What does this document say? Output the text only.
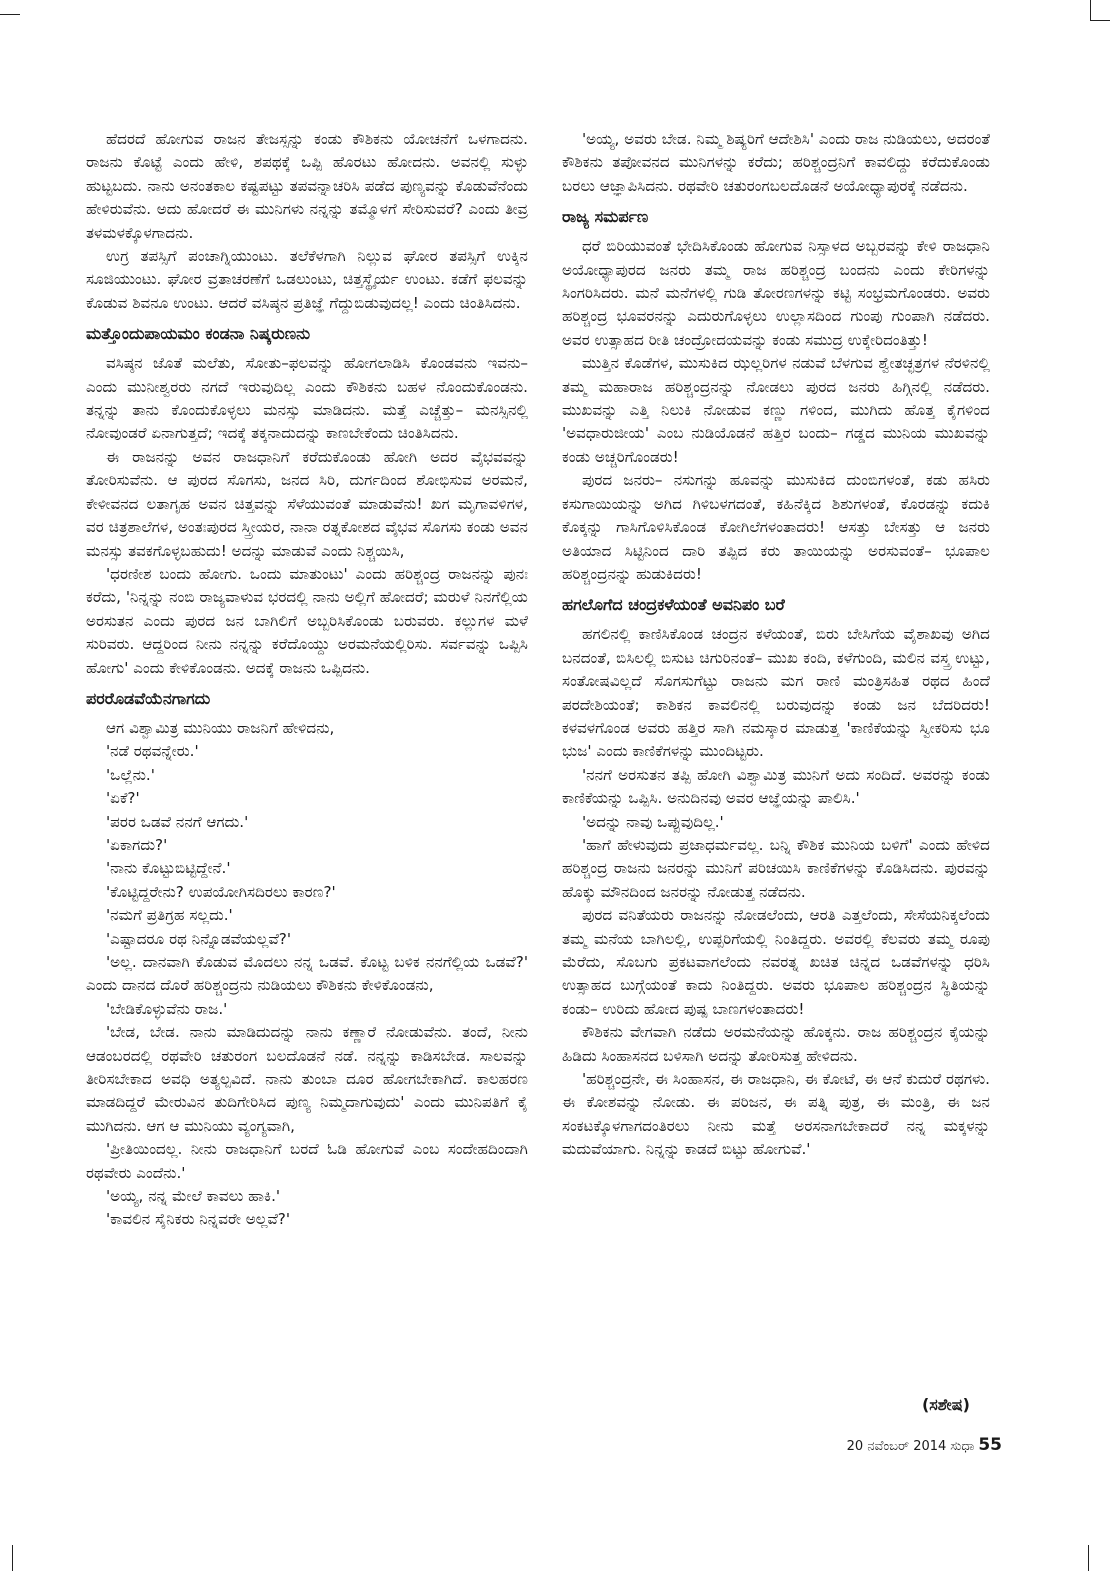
ಹೆದರದೆ ಹೋಗುವ ರಾಜನ ತೇಜಸ್ಸನ್ನು ಕಂಡು ಕೌಶಿಕನು ಯೋಚನೆಗೆ ಒಳಗಾದನು. ರಾಜನು ಕೊಟ್ಟೆ ಎಂದು ಹೇಳಿ, ಶಪಥಕ್ಕೆ ಒಪ್ಪಿ ಹೊರಟು ಹೋದನು. ಅವನಲ್ಲಿ ಸುಳ್ಳು ಹುಟ್ಟಬದು. ನಾನು ಅನಂತಕಾಲ ಕಷ್ಟಪಟ್ಟು ತಪವನ್ನಾಚರಿಸಿ ಪಡೆದ ಪುಣ್ಯವನ್ನು ಕೊಡುವೆನೆಂದು ಹೇಳಿರುವೆನು. ಅದು ಹೋದರೆ ಈ ಮುನಿಗಳು ನನ್ನನ್ನು ತಮ್ಮೊಳಗೆ ಸೇರಿಸುವರೆ? ಎಂದು ತೀವ್ರ ತಳಮಳಕ್ಕೊಳಗಾದನು.

ಉಗ್ರ ತಪಸ್ಸಿಗೆ ಪಂಚಾಗ್ನಿಯುಂಟು. ತಲೆಕೆಳಗಾಗಿ ನಿಲ್ಲುವ ಘೋರ ತಪಸ್ಸಿಗೆ ಉಕ್ಕಿನ ಸೂಜಿಯುಂಟು. ಘೋರ ವ್ರತಾಚರಣೆಗೆ ಒಡಲುಂಟು, ಚಿತ್ತಸ್ಥೈರ್ಯ ಉಂಟು. ಕಡೆಗೆ ಫಲವನ್ನು ಕೊಡುವ ಶಿವನೂ ಉಂಟು. ಆದರೆ ವಸಿಷ್ಠನ ಪ್ರತಿಜ್ಞೆ ಗೆದ್ದುಬಿಡುವುದಲ್ಲ! ಎಂದು ಚಿಂತಿಸಿದನು.

ಮತ್ತೊಂದುಪಾಯಮಂ ಕಂಡನಾ ನಿಷ್ಕರುಣನು

ವಸಿಷ್ಠನ ಜೊತೆ ಮಲೆತು, ಸೋತು–ಫಲವನ್ನು ಹೋಗಲಾಡಿಸಿ ಕೊಂಡವನು ಇವನು– ಎಂದು ಮುನೀಶ್ವರರು ನಗದೆ ಇರುವುದಿಲ್ಲ ಎಂದು ಕೌಶಿಕನು ಬಹಳ ನೊಂದುಕೊಂಡನು. ತನ್ನನ್ನು ತಾನು ಕೊಂದುಕೊಳ್ಳಲು ಮನಸ್ಸು ಮಾಡಿದನು. ಮತ್ತೆ ಎಚ್ಚೆತ್ತು– ಮನಸ್ಸಿನಲ್ಲಿ ನೋವುಂಡರೆ ಏನಾಗುತ್ತದೆ; ಇದಕ್ಕೆ ತಕ್ಕನಾದುದನ್ನು ಕಾಣಬೇಕೆಂದು ಚಿಂತಿಸಿದನು.

ಈ ರಾಜನನ್ನು ಅವನ ರಾಜಧಾನಿಗೆ ಕರೆದುಕೊಂಡು ಹೋಗಿ ಅದರ ವೈಭವವನ್ನು ತೋರಿಸುವೆನು. ಆ ಪುರದ ಸೊಗಸು, ಜನದ ಸಿರಿ, ದುರ್ಗದಿಂದ ಶೋಭಿಸುವ ಅರಮನೆ, ಕೇಳೀವನದ ಲತಾಗೃಹ ಅವನ ಚಿತ್ತವನ್ನು ಸೆಳೆಯುವಂತೆ ಮಾಡುವೆನು! ಖಗ ಮೃಗಾವಳಿಗಳ, ವರ ಚಿತ್ರಶಾಲೆಗಳ, ಅಂತಃಪುರದ ಸ್ತ್ರೀಯರ, ನಾನಾ ರತ್ನಕೋಶದ ವೈಭವ ಸೊಗಸು ಕಂಡು ಅವನ ಮನಸ್ಸು ತವಕಗೊಳ್ಳಬಹುದು! ಅದನ್ನು ಮಾಡುವೆ ಎಂದು ನಿಶ್ಚಯಿಸಿ,

'ಧರಣೀಶ ಬಂದು ಹೋಗು. ಒಂದು ಮಾತುಂಟು' ಎಂದು ಹರಿಶ್ಚಂದ್ರ ರಾಜನನ್ನು ಪುನಃ ಕರೆದು, 'ನಿನ್ನನ್ನು ನಂಬಿ ರಾಜ್ಯವಾಳುವ ಭರದಲ್ಲಿ ನಾನು ಅಲ್ಲಿಗೆ ಹೋದರೆ; ಮರುಳೆ ನಿನಗೆಲ್ಲಿಯ ಅರಸುತನ ಎಂದು ಪುರದ ಜನ ಬಾಗಿಲಿಗೆ ಅಬ್ಬರಿಸಿಕೊಂಡು ಬರುವರು. ಕಲ್ಲುಗಳ ಮಳೆ ಸುರಿವರು. ಆದ್ದರಿಂದ ನೀನು ನನ್ನನ್ನು ಕರೆದೊಯ್ದು ಅರಮನೆಯಲ್ಲಿರಿಸು. ಸರ್ವವನ್ನು ಒಪ್ಪಿಸಿ ಹೋಗು' ಎಂದು ಕೇಳಿಕೊಂಡನು. ಅದಕ್ಕೆ ರಾಜನು ಒಪ್ಪಿದನು.

ಪರರೊಡವೆಯೆನಗಾಗದು

ಆಗ ವಿಶ್ವಾಮಿತ್ರ ಮುನಿಯು ರಾಜನಿಗೆ ಹೇಳಿದನು,

'ನಡೆ ರಥವನ್ನೇರು.'

'ಒಲ್ಲೆನು.'

'ಏಕೆ?'

'ಪರರ ಒಡವೆ ನನಗೆ ಆಗದು.'

'ಏಕಾಗದು?'

'ನಾನು ಕೊಟ್ಟುಬಿಟ್ಟಿದ್ದೇನೆ.'

'ಕೊಟ್ಟಿದ್ದರೇನು? ಉಪಯೋಗಿಸದಿರಲು ಕಾರಣ?'

'ನಮಗೆ ಪ್ರತಿಗ್ರಹ ಸಲ್ಲದು.'

'ಎಷ್ಟಾದರೂ ರಥ ನಿನ್ನೊಡವೆಯಲ್ಲವೆ?'

'ಅಲ್ಲ. ದಾನವಾಗಿ ಕೊಡುವ ಮೊದಲು ನನ್ನ ಒಡವೆ. ಕೊಟ್ಟ ಬಳಿಕ ನನಗೆಲ್ಲಿಯ ಒಡವೆ?' ಎಂದು ದಾನದ ದೊರೆ ಹರಿಶ್ಚಂದ್ರನು ನುಡಿಯಲು ಕೌಶಿಕನು ಕೇಳಿಕೊಂಡನು,

'ಬೇಡಿಕೊಳ್ಳುವೆನು ರಾಜ.'

'ಬೇಡ, ಬೇಡ. ನಾನು ಮಾಡಿದುದನ್ನು ನಾನು ಕಣ್ಣಾರೆ ನೋಡುವೆನು. ತಂದೆ, ನೀನು ಆಡಂಬರದಲ್ಲಿ ರಥವೇರಿ ಚತುರಂಗ ಬಲದೊಡನೆ ನಡೆ. ನನ್ನನ್ನು ಕಾಡಿಸಬೇಡ. ಸಾಲವನ್ನು ತೀರಿಸಬೇಕಾದ ಅವಧಿ ಅತ್ಯಲ್ಪವಿದೆ. ನಾನು ತುಂಬಾ ದೂರ ಹೋಗಬೇಕಾಗಿದೆ. ಕಾಲಹರಣ ಮಾಡದಿದ್ದರೆ ಮೇರುವಿನ ತುದಿಗೇರಿಸಿದ ಪುಣ್ಯ ನಿಮ್ಮದಾಗುವುದು' ಎಂದು ಮುನಿಪತಿಗೆ ಕೈ ಮುಗಿದನು. ಆಗ ಆ ಮುನಿಯು ವ್ಯಂಗ್ಯವಾಗಿ,

'ಪ್ರೀತಿಯಿಂದಲ್ಲ. ನೀನು ರಾಜಧಾನಿಗೆ ಬರದೆ ಓಡಿ ಹೋಗುವೆ ಎಂಬ ಸಂದೇಹದಿಂದಾಗಿ ರಥವೇರು ಎಂದೆನು.'

'ಅಯ್ಯ, ನನ್ನ ಮೇಲೆ ಕಾವಲು ಹಾಕಿ.'

'ಕಾವಲಿನ ಸೈನಿಕರು ನಿನ್ನವರೇ ಅಲ್ಲವೆ?'

'ಅಯ್ಯ, ಅವರು ಬೇಡ. ನಿಮ್ಮ ಶಿಷ್ಯರಿಗೆ ಆದೇಶಿಸಿ' ಎಂದು ರಾಜ ನುಡಿಯಲು, ಅದರಂತೆ ಕೌಶಿಕನು ತಪೋವನದ ಮುನಿಗಳನ್ನು ಕರೆದು; ಹರಿಶ್ಚಂದ್ರನಿಗೆ ಕಾವಲಿದ್ದು ಕರೆದುಕೊಂಡು ಬರಲು ಆಜ್ಞಾಪಿಸಿದನು. ರಥವೇರಿ ಚತುರಂಗಬಲದೊಡನೆ ಅಯೋಧ್ಯಾಪುರಕ್ಕೆ ನಡೆದನು.

ರಾಜ್ಯ ಸಮರ್ಪಣ

ಧರೆ ಬಿರಿಯುವಂತೆ ಭೇದಿಸಿಕೊಂಡು ಹೋಗುವ ನಿಸ್ಸಾಳದ ಅಬ್ಬರವನ್ನು ಕೇಳಿ ರಾಜಧಾನಿ ಅಯೋಧ್ಯಾಪುರದ ಜನರು ತಮ್ಮ ರಾಜ ಹರಿಶ್ಚಂದ್ರ ಬಂದನು ಎಂದು ಕೇರಿಗಳನ್ನು ಸಿಂಗರಿಸಿದರು. ಮನೆ ಮನೆಗಳಲ್ಲಿ ಗುಡಿ ತೋರಣಗಳನ್ನು ಕಟ್ಟಿ ಸಂಭ್ರಮಗೊಂಡರು. ಅವರು ಹರಿಶ್ಚಂದ್ರ ಭೂವರನನ್ನು ಎದುರುಗೊಳ್ಳಲು ಉಲ್ಲಾಸದಿಂದ ಗುಂಪು ಗುಂಪಾಗಿ ನಡೆದರು. ಅವರ ಉತ್ಸಾಹದ ರೀತಿ ಚಂದ್ರೋದಯವನ್ನು ಕಂಡು ಸಮುದ್ರ ಉಕ್ಕೇರಿದಂತಿತ್ತು!

ಮುತ್ತಿನ ಕೊಡೆಗಳ, ಮುಸುಕಿದ ಝಲ್ಲರಿಗಳ ನಡುವೆ ಬೆಳಗುವ ಶ್ವೇತಚ್ಛತ್ರಗಳ ನೆರಳಿನಲ್ಲಿ ತಮ್ಮ ಮಹಾರಾಜ ಹರಿಶ್ಚಂದ್ರನನ್ನು ನೋಡಲು ಪುರದ ಜನರು ಹಿಗ್ಗಿನಲ್ಲಿ ನಡೆದರು. ಮುಖವನ್ನು ಎತ್ತಿ ನಿಲುಕಿ ನೋಡುವ ಕಣ್ಣು ಗಳಿಂದ, ಮುಗಿದು ಹೊತ್ತ ಕೈಗಳಿಂದ 'ಅವಧಾರುಜೀಯ' ಎಂಬ ನುಡಿಯೊಡನೆ ಹತ್ತಿರ ಬಂದು– ಗಡ್ಡದ ಮುನಿಯ ಮುಖವನ್ನು ಕಂಡು ಅಚ್ಚರಿಗೊಂಡರು!

ಪುರದ ಜನರು– ನಸುಗನ್ನು ಹೂವನ್ನು ಮುಸುಕಿದ ದುಂಬಿಗಳಂತೆ, ಕಡು ಹಸಿರು ಕಸುಗಾಯಿಯನ್ನು ಅಗಿದ ಗಿಳಿಬಳಗದಂತೆ, ಕಹಿನೆಕ್ಕಿದ ಶಿಶುಗಳಂತೆ, ಕೊರಡನ್ನು ಕದುಕಿ ಕೊಕ್ಕನ್ನು ಗಾಸಿಗೊಳಿಸಿಕೊಂಡ ಕೋಗಿಲೆಗಳಂತಾದರು! ಆಸತ್ತು ಬೇಸತ್ತು ಆ ಜನರು ಅತಿಯಾದ ಸಿಟ್ಟಿನಿಂದ ದಾರಿ ತಪ್ಪಿದ ಕರು ತಾಯಿಯನ್ನು ಅರಸುವಂತೆ– ಭೂಪಾಲ ಹರಿಶ್ಚಂದ್ರನನ್ನು ಹುಡುಕಿದರು!

ಹಗಲೊಗೆದ ಚಂದ್ರಕಳೆಯಂತೆ ಅವನಿಪಂ ಬರೆ

ಹಗಲಿನಲ್ಲಿ ಕಾಣಿಸಿಕೊಂಡ ಚಂದ್ರನ ಕಳೆಯಂತೆ, ಬಿರು ಬೇಸಿಗೆಯ ವೈಶಾಖವು ಅಗಿದ ಬನದಂತೆ, ಬಿಸಿಲಲ್ಲಿ ಬಿಸುಟ ಚಿಗುರಿನಂತೆ– ಮುಖ ಕಂದಿ, ಕಳೆಗುಂದಿ, ಮಲಿನ ವಸ್ತ್ರ ಉಟ್ಟು, ಸಂತೋಷವಿಲ್ಲದೆ ಸೊಗಸುಗೆಟ್ಟು ರಾಜನು ಮಗ ರಾಣಿ ಮಂತ್ರಿಸಹಿತ ರಥದ ಹಿಂದೆ ಪರದೇಶಿಯಂತೆ; ಕಾಶಿಕನ ಕಾವಲಿನಲ್ಲಿ ಬರುವುದನ್ನು ಕಂಡು ಜನ ಬೆದರಿದರು! ಕಳವಳಗೊಂಡ ಅವರು ಹತ್ತಿರ ಸಾಗಿ ನಮಸ್ಕಾರ ಮಾಡುತ್ತ 'ಕಾಣಿಕೆಯನ್ನು ಸ್ವೀಕರಿಸು ಭೂ ಭುಜ' ಎಂದು ಕಾಣಿಕೆಗಳನ್ನು ಮುಂದಿಟ್ಟರು.

'ನನಗೆ ಅರಸುತನ ತಪ್ಪಿ ಹೋಗಿ ವಿಶ್ವಾಮಿತ್ರ ಮುನಿಗೆ ಅದು ಸಂದಿದೆ. ಅವರನ್ನು ಕಂಡು ಕಾಣಿಕೆಯನ್ನು ಒಪ್ಪಿಸಿ. ಅನುದಿನವು ಅವರ ಆಜ್ಞೆಯನ್ನು ಪಾಲಿಸಿ.'

'ಅದನ್ನು ನಾವು ಒಪ್ಪುವುದಿಲ್ಲ.'

'ಹಾಗೆ ಹೇಳುವುದು ಪ್ರಜಾಧರ್ಮವಲ್ಲ. ಬನ್ನಿ ಕೌಶಿಕ ಮುನಿಯ ಬಳಿಗೆ' ಎಂದು ಹೇಳಿದ ಹರಿಶ್ಚಂದ್ರ ರಾಜನು ಜನರನ್ನು ಮುನಿಗೆ ಪರಿಚಯಿಸಿ ಕಾಣಿಕೆಗಳನ್ನು ಕೊಡಿಸಿದನು. ಪುರವನ್ನು ಹೊಕ್ಕು ಮೌನದಿಂದ ಜನರನ್ನು ನೋಡುತ್ತ ನಡೆದನು.

ಪುರದ ವನಿತೆಯರು ರಾಜನನ್ನು ನೋಡಲೆಂದು, ಆರತಿ ಎತ್ತಲೆಂದು, ಸೇಸೆಯನಿಕ್ಕಲೆಂದು ತಮ್ಮ ಮನೆಯ ಬಾಗಿಲಲ್ಲಿ, ಉಪ್ಪರಿಗೆಯಲ್ಲಿ ನಿಂತಿದ್ದರು. ಅವರಲ್ಲಿ ಕೆಲವರು ತಮ್ಮ ರೂಪು ಮೆರೆದು, ಸೊಬಗು ಪ್ರಕಟವಾಗಲೆಂದು ನವರತ್ನ ಖಚಿತ ಚಿನ್ನದ ಒಡವೆಗಳನ್ನು ಧರಿಸಿ ಉತ್ಸಾಹದ ಬುಗ್ಗೆಯಂತೆ ಕಾದು ನಿಂತಿದ್ದರು. ಅವರು ಭೂಪಾಲ ಹರಿಶ್ಚಂದ್ರನ ಸ್ಥಿತಿಯನ್ನು ಕಂಡು– ಉರಿದು ಹೋದ ಪುಷ್ಪ ಬಾಣಗಳಂತಾದರು!

ಕೌಶಿಕನು ವೇಗವಾಗಿ ನಡೆದು ಅರಮನೆಯನ್ನು ಹೊಕ್ಕನು. ರಾಜ ಹರಿಶ್ಚಂದ್ರನ ಕೈಯನ್ನು ಹಿಡಿದು ಸಿಂಹಾಸನದ ಬಳಿಸಾಗಿ ಅದನ್ನು ತೋರಿಸುತ್ತ ಹೇಳಿದನು.

'ಹರಿಶ್ಚಂದ್ರನೇ, ಈ ಸಿಂಹಾಸನ, ಈ ರಾಜಧಾನಿ, ಈ ಕೋಟೆ, ಈ ಆನೆ ಕುದುರೆ ರಥಗಳು. ಈ ಕೋಶವನ್ನು ನೋಡು. ಈ ಪರಿಜನ, ಈ ಪತ್ನಿ ಪುತ್ರ, ಈ ಮಂತ್ರಿ, ಈ ಜನ ಸಂಕಟಕ್ಕೊಳಗಾಗದಂತಿರಲು ನೀನು ಮತ್ತೆ ಅರಸನಾಗಬೇಕಾದರೆ ನನ್ನ ಮಕ್ಕಳನ್ನು ಮದುವೆಯಾಗು. ನಿನ್ನನ್ನು ಕಾಡದೆ ಬಿಟ್ಟು ಹೋಗುವೆ.'

(ಸಶೇಷ)
20 ನವೆಂಬರ್ 2014 ಸುಧಾ 55
